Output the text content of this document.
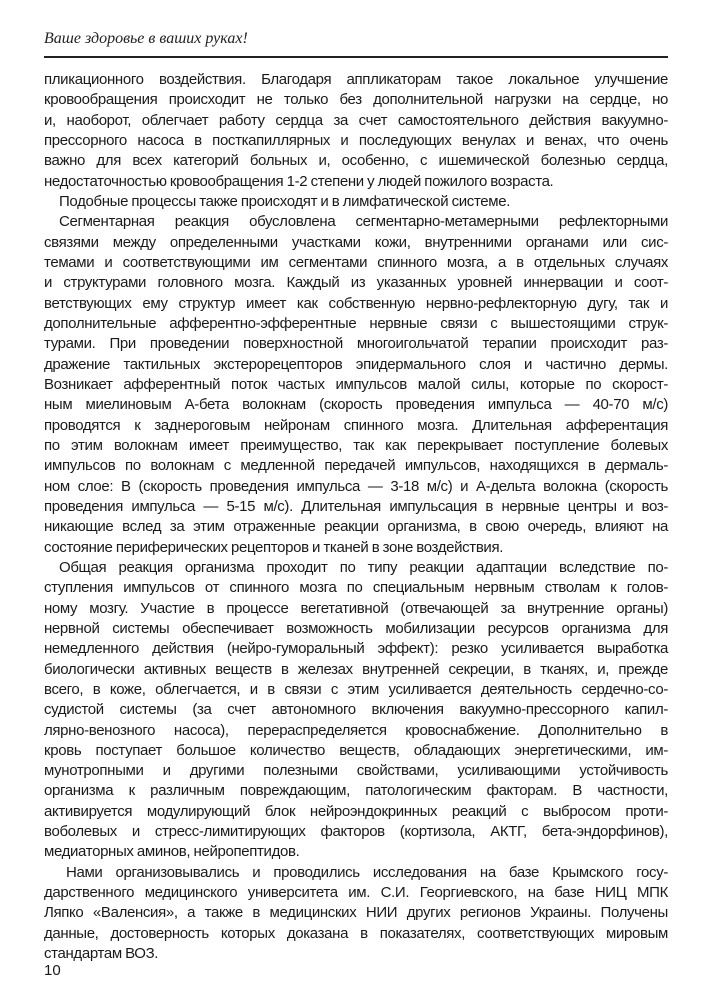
Ваше здоровье в ваших руках!
пликационного воздействия. Благодаря аппликаторам такое локальное улучшение
кровообращения происходит не только без дополнительной нагрузки на сердце, но
и, наоборот, облегчает работу сердца за счет самостоятельного действия вакуумно-
прессорного насоса в посткапиллярных и последующих венулах и венах, что очень
важно для всех категорий больных и, особенно, с ишемической болезнью сердца,
недостаточностью кровообращения 1-2 степени у людей пожилого возраста.
Подобные процессы также происходят и в лимфатической системе.
Сегментарная реакция обусловлена сегментарно-метамерными рефлекторными
связями между определенными участками кожи, внутренними органами или сис-
темами и соответствующими им сегментами спинного мозга, а в отдельных случаях
и структурами головного мозга. Каждый из указанных уровней иннервации и соот-
ветствующих ему структур имеет как собственную нервно-рефлекторную дугу, так и
дополнительные афферентно-эфферентные нервные связи с вышестоящими струк-
турами. При проведении поверхностной многоигольчатой терапии происходит раз-
дражение тактильных экстерорецепторов эпидермального слоя и частично дермы.
Возникает афферентный поток частых импульсов малой силы, которые по скорост-
ным миелиновым А-бета волокнам (скорость проведения импульса — 40-70 м/с)
проводятся к заднероговым нейронам спинного мозга. Длительная афферентация
по этим волокнам имеет преимущество, так как перекрывает поступление болевых
импульсов по волокнам с медленной передачей импульсов, находящихся в дермаль-
ном слое: В (скорость проведения импульса — 3-18 м/с) и А-дельта волокна (скорость
проведения импульса — 5-15 м/с). Длительная импульсация в нервные центры и воз-
никающие вслед за этим отраженные реакции организма, в свою очередь, влияют на
состояние периферических рецепторов и тканей в зоне воздействия.
Общая реакция организма проходит по типу реакции адаптации вследствие по-
ступления импульсов от спинного мозга по специальным нервным стволам к голов-
ному мозгу. Участие в процессе вегетативной (отвечающей за внутренние органы)
нервной системы обеспечивает возможность мобилизации ресурсов организма для
немедленного действия (нейро-гуморальный эффект): резко усиливается выработка
биологически активных веществ в железах внутренней секреции, в тканях, и, прежде
всего, в коже, облегчается, и в связи с этим усиливается деятельность сердечно-со-
судистой системы (за счет автономного включения вакуумно-прессорного капил-
лярно-венозного насоса), перераспределяется кровоснабжение. Дополнительно в
кровь поступает большое количество веществ, обладающих энергетическими, им-
мунотропными и другими полезными свойствами, усиливающими устойчивость
организма к различным повреждающим, патологическим факторам. В частности,
активируется модулирующий блок нейроэндокринных реакций с выбросом проти-
воболевых и стресс-лимитирующих факторов (кортизола, АКТГ, бета-эндорфинов),
медиаторных аминов, нейропептидов.
Нами организовывались и проводились исследования на базе Крымского госу-
дарственного медицинского университета им. С.И. Георгиевского, на базе НИЦ МПК
Ляпко «Валенсия», а также в медицинских НИИ других регионов Украины. Получены
данные, достоверность которых доказана в показателях, соответствующих мировым
стандартам ВОЗ.
10
